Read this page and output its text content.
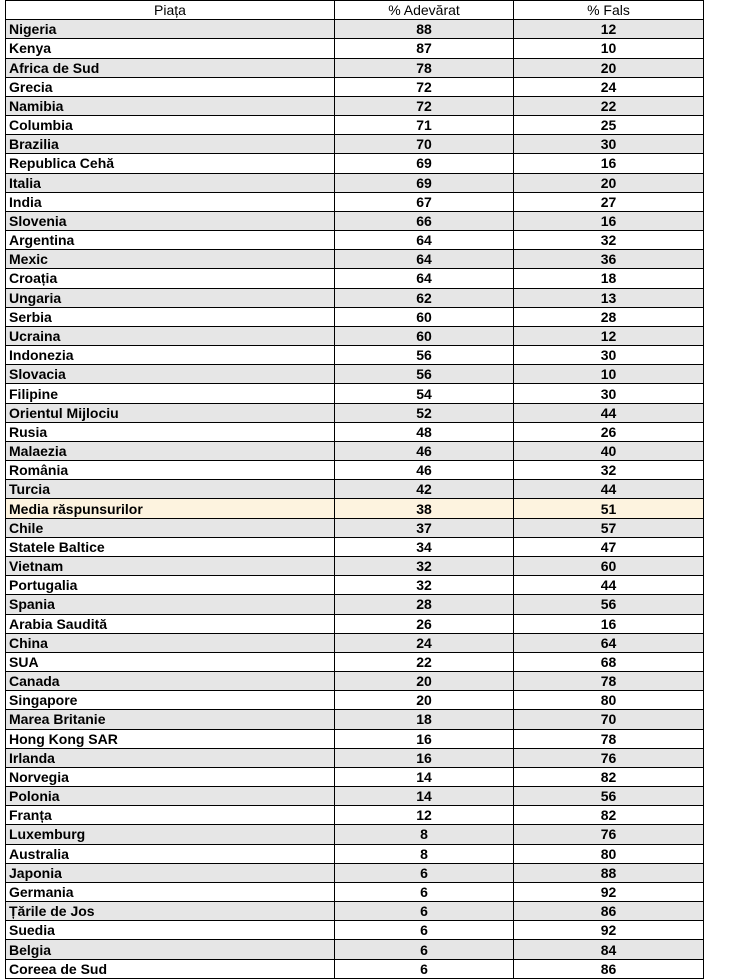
Piața	% Adevărat	% Fals
Nigeria	88	12
Kenya	87	10
Africa de Sud	78	20
Grecia	72	24
Namibia	72	22
Columbia	71	25
Brazilia	70	30
Republica Cehă	69	16
Italia	69	20
India	67	27
Slovenia	66	16
Argentina	64	32
Mexic	64	36
Croația	64	18
Ungaria	62	13
Serbia	60	28
Ucraina	60	12
Indonezia	56	30
Slovacia	56	10
Filipine	54	30
Orientul Mijlociu	52	44
Rusia	48	26
Malaezia	46	40
România	46	32
Turcia	42	44
Media răspunsurilor	38	51
Chile	37	57
Statele Baltice	34	47
Vietnam	32	60
Portugalia	32	44
Spania	28	56
Arabia Saudită	26	16
China	24	64
SUA	22	68
Canada	20	78
Singapore	20	80
Marea Britanie	18	70
Hong Kong SAR	16	78
Irlanda	16	76
Norvegia	14	82
Polonia	14	56
Franța	12	82
Luxemburg	8	76
Australia	8	80
Japonia	6	88
Germania	6	92
Țările de Jos	6	86
Suedia	6	92
Belgia	6	84
Coreea de Sud	6	86
